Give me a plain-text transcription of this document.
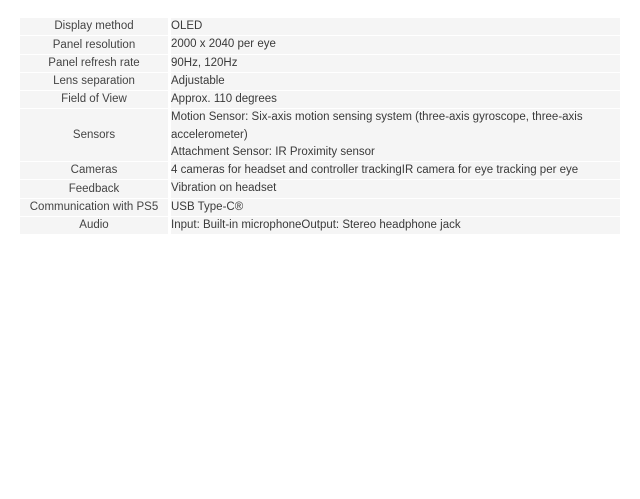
Display method	OLED

Panel resolution	2000 x 2040 per eye

Panel refresh rate	90Hz, 120Hz

Lens separation	Adjustable

Field of View	Approx. 110 degrees

Sensors	Motion Sensor: Six-axis motion sensing system (three-axis gyroscope, three-axis accelerometer)
Attachment Sensor: IR Proximity sensor

Cameras	4 cameras for headset and controller trackingIR camera for eye tracking per eye

Feedback	Vibration on headset

Communication with PS5	USB Type-C®

Audio	Input: Built-in microphoneOutput: Stereo headphone jack
